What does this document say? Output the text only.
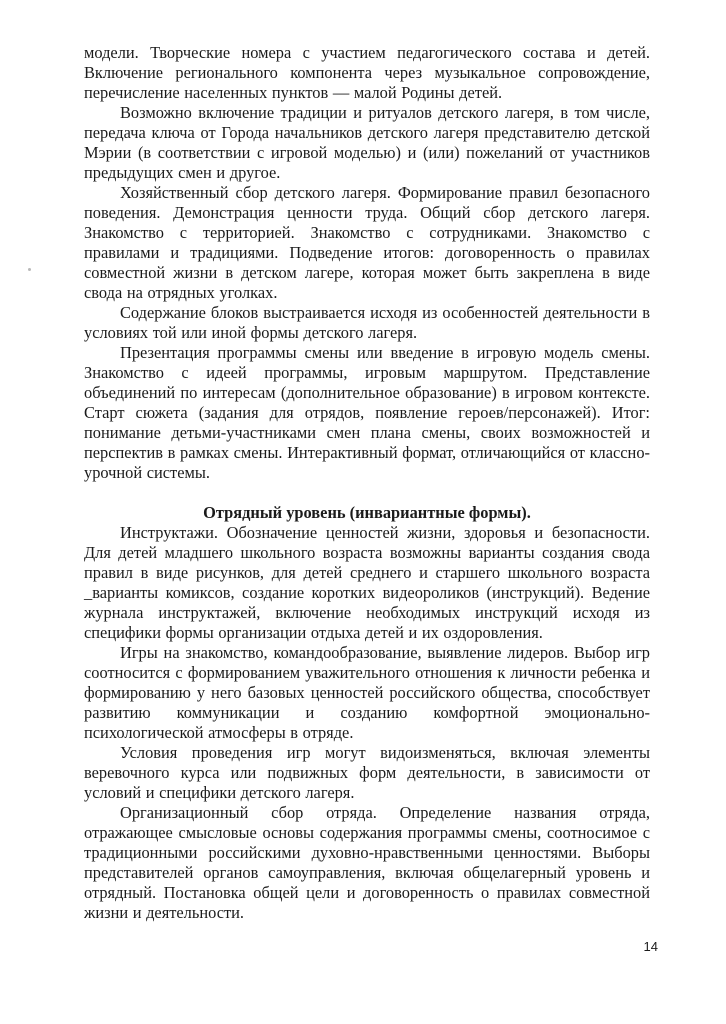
модели. Творческие номера с участием педагогического состава и детей. Включение регионального компонента через музыкальное сопровождение, перечисление населенных пунктов — малой Родины детей.

Возможно включение традиции и ритуалов детского лагеря, в том числе, передача ключа от Города начальников детского лагеря представителю детской Мэрии (в соответствии с игровой моделью) и (или) пожеланий от участников предыдущих смен и другое.

Хозяйственный сбор детского лагеря. Формирование правил безопасного поведения. Демонстрация ценности труда. Общий сбор детского лагеря. Знакомство с территорией. Знакомство с сотрудниками. Знакомство с правилами и традициями. Подведение итогов: договоренность о правилах совместной жизни в детском лагере, которая может быть закреплена в виде свода на отрядных уголках.

Содержание блоков выстраивается исходя из особенностей деятельности в условиях той или иной формы детского лагеря.

Презентация программы смены или введение в игровую модель смены. Знакомство с идеей программы, игровым маршрутом. Представление объединений по интересам (дополнительное образование) в игровом контексте. Старт сюжета (задания для отрядов, появление героев/персонажей). Итог: понимание детьми-участниками смен плана смены, своих возможностей и перспектив в рамках смены. Интерактивный формат, отличающийся от классно-урочной системы.

Отрядный уровень (инвариантные формы).

Инструктажи. Обозначение ценностей жизни, здоровья и безопасности. Для детей младшего школьного возраста возможны варианты создания свода правил в виде рисунков, для детей среднего и старшего школьного возраста _варианты комиксов, создание коротких видеороликов (инструкций). Ведение журнала инструктажей, включение необходимых инструкций исходя из специфики формы организации отдыха детей и их оздоровления.

Игры на знакомство, командообразование, выявление лидеров. Выбор игр соотносится с формированием уважительного отношения к личности ребенка и формированию у него базовых ценностей российского общества, способствует развитию коммуникации и созданию комфортной эмоционально-психологической атмосферы в отряде.

Условия проведения игр могут видоизменяться, включая элементы веревочного курса или подвижных форм деятельности, в зависимости от условий и специфики детского лагеря.

Организационный сбор отряда. Определение названия отряда, отражающее смысловые основы содержания программы смены, соотносимое с традиционными российскими духовно-нравственными ценностями. Выборы представителей органов самоуправления, включая общелагерный уровень и отрядный. Постановка общей цели и договоренность о правилах совместной жизни и деятельности.

14
